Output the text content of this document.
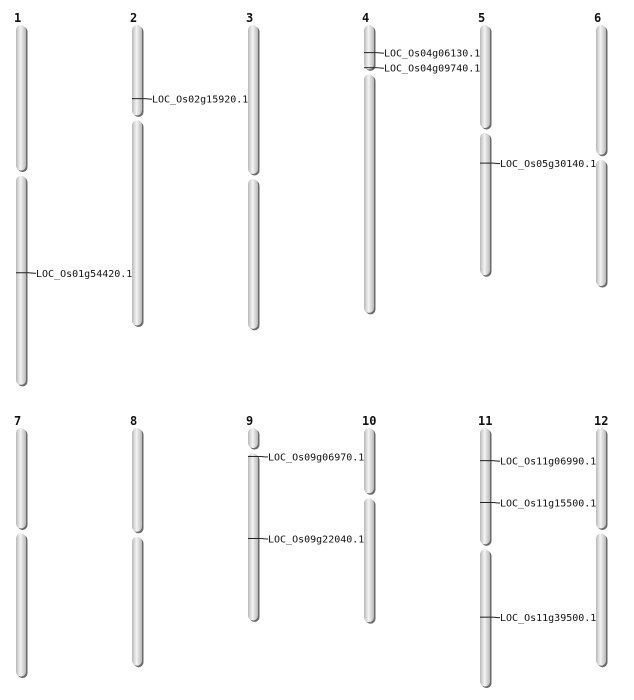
1
LOC_Os01g54420.1
2
LOC_Os02g15920.1
3	4
LOC_Os04g06130.1
LOC_Os04g09740.1
5
LOC_Os05g30140.1
6
7	8	9
LOC_Os09g06970.1
LOC_Os09g22040.1
10	11
LOC_Os11g06990.1
LOC_Os11g15500.1
LOC_Os11g39500.1
12
